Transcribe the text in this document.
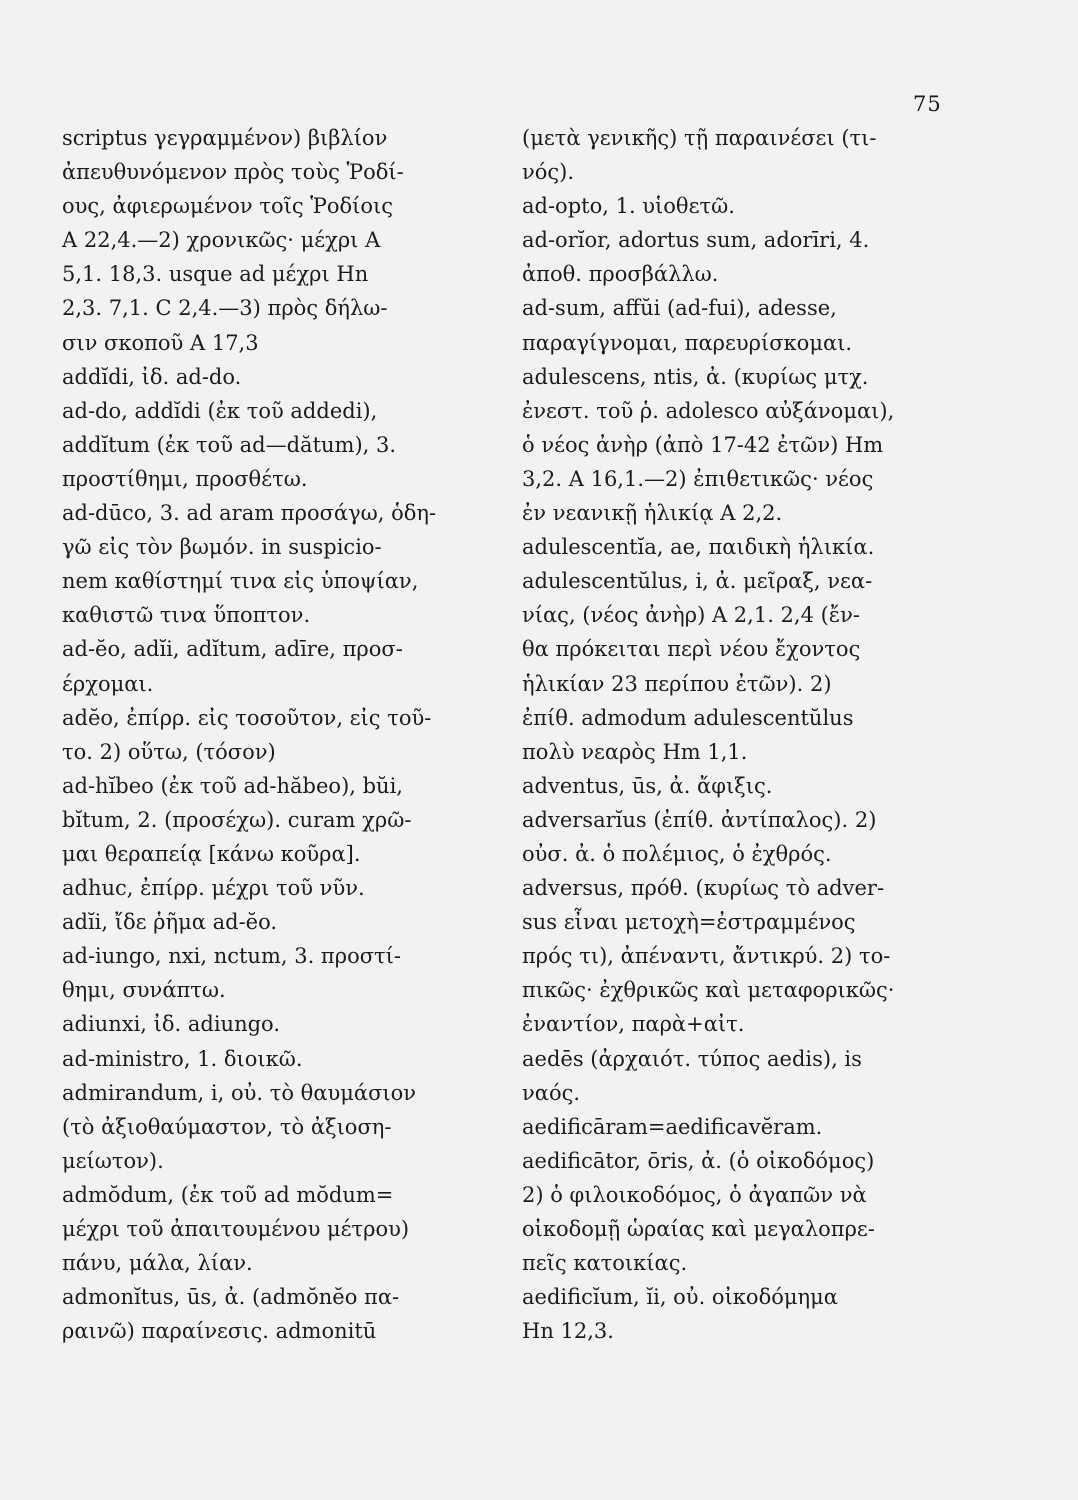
75
scriptus γεγραμμένον) βιβλίον
ἀπευθυνόμενον πρὸς τοὺς Ῥοδί-
ους, ἀφιερωμένον τοῖς Ῥοδίοις
A 22,4.—2) χρονικῶς· μέχρι A
5,1. 18,3. usque ad μέχρι Hn
2,3. 7,1. C 2,4.—3) πρὸς δήλω-
σιν σκοποῦ A 17,3
addĭdi, ἰδ. ad-do.
ad-do, addĭdi (ἐκ τοῦ addedi),
addĭtum (ἐκ τοῦ ad—dătum), 3.
προστίθημι, προσθέτω.
ad-dūco, 3. ad aram προσάγω, ὁδη-
γῶ εἰς τὸν βωμόν. in suspicio-
nem καθίστημί τινα εἰς ὑποψίαν,
καθιστῶ τινα ὕποπτον.
ad-ĕo, adĭi, adĭtum, adīre, προσ-
έρχομαι.
adĕo, ἐπίρρ. εἰς τοσοῦτον, εἰς τοῦ-
το. 2) οὕτω, (τόσον)
ad-hĭbeo (ἐκ τοῦ ad-hăbeo), bŭi,
bĭtum, 2. (προσέχω). curam χρῶ-
μαι θεραπείᾳ [κάνω κοῦρα].
adhuc, ἐπίρρ. μέχρι τοῦ νῦν.
adĭi, ἴδε ῥῆμα ad-ĕo.
ad-iungo, nxi, nctum, 3. προστί-
θημι, συνάπτω.
adiunxi, ἰδ. adiungo.
ad-ministro, 1. διοικῶ.
admirandum, i, οὐ. τὸ θαυμάσιον
(τὸ ἀξιοθαύμαστον, τὸ ἀξιοση-
μείωτον).
admŏdum, (ἐκ τοῦ ad mŏdum=
μέχρι τοῦ ἀπαιτουμένου μέτρου)
πάνυ, μάλα, λίαν.
admonĭtus, ūs, ἀ. (admŏnĕo πα-
ραινῶ) παραίνεσις. admonitū
(μετὰ γενικῆς) τῇ παραινέσει (τι-
νός).
ad-opto, 1. υἱοθετῶ.
ad-orĭor, adortus sum, adorīri, 4.
ἀποθ. προσβάλλω.
ad-sum, affŭi (ad-fui), adesse,
παραγίγνομαι, παρευρίσκομαι.
adulescens, ntis, ἀ. (κυρίως μτχ.
ἐνεστ. τοῦ ῥ. adolesco αὐξάνομαι),
ὁ νέος ἀνὴρ (ἀπὸ 17-42 ἐτῶν) Hm
3,2. A 16,1.—2) ἐπιθετικῶς· νέος
ἐν νεανικῇ ἡλικίᾳ A 2,2.
adulescentĭa, ae, παιδικὴ ἡλικία.
adulescentŭlus, i, ἀ. μεῖραξ, νεα-
νίας, (νέος ἀνὴρ) A 2,1. 2,4 (ἔν-
θα πρόκειται περὶ νέου ἔχοντος
ἡλικίαν 23 περίπου ἐτῶν). 2)
ἐπίθ. admodum adulescentŭlus
πολὺ νεαρὸς Hm 1,1.
adventus, ūs, ἀ. ἄφιξις.
adversarĭus (ἐπίθ. ἀντίπαλος). 2)
οὐσ. ἀ. ὁ πολέμιος, ὁ ἐχθρός.
adversus, πρόθ. (κυρίως τὸ adver-
sus εἶναι μετοχὴ=ἐστραμμένος
πρός τι), ἀπέναντι, ἄντικρύ. 2) το-
πικῶς· ἐχθρικῶς καὶ μεταφορικῶς·
ἐναντίον, παρὰ+αἰτ.
aedēs (ἀρχαιότ. τύπος aedis), is
ναός.
aedificāram=aedificavĕram.
aedificātor, ōris, ἀ. (ὁ οἰκοδόμος)
2) ὁ φιλοικοδόμος, ὁ ἀγαπῶν νὰ
οἰκοδομῇ ὡραίας καὶ μεγαλοπρε-
πεῖς κατοικίας.
aedificĭum, ĭi, οὐ. οἰκοδόμημα
Hn 12,3.
